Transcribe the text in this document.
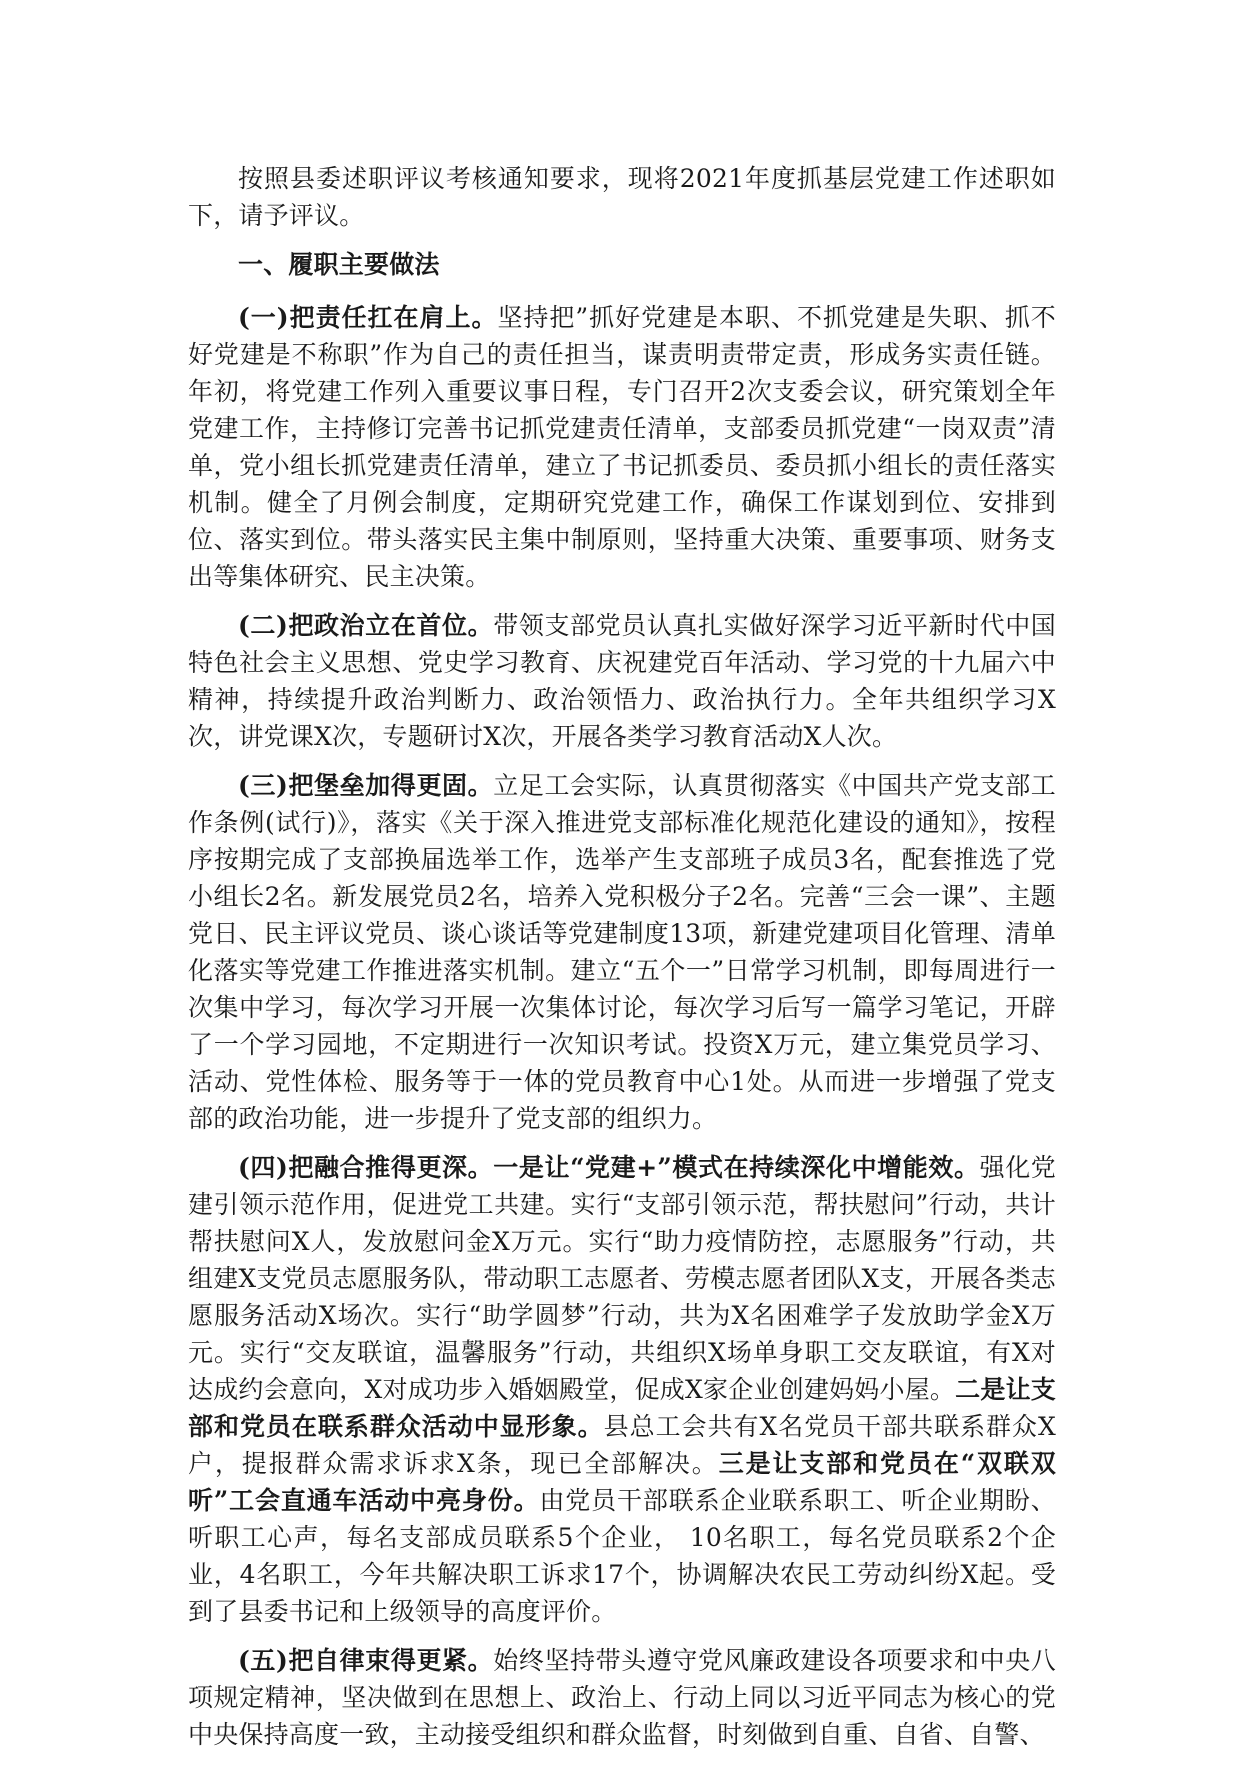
按照县委述职评议考核通知要求，现将2021年度抓基层党建工作述职如下，请予评议。

一、履职主要做法

(一)把责任扛在肩上。坚持把”抓好党建是本职、不抓党建是失职、抓不好党建是不称职”作为自己的责任担当，谋责明责带定责，形成务实责任链。年初，将党建工作列入重要议事日程，专门召开2次支委会议，研究策划全年党建工作，主持修订完善书记抓党建责任清单，支部委员抓党建“一岗双责”清单，党小组长抓党建责任清单，建立了书记抓委员、委员抓小组长的责任落实机制。健全了月例会制度，定期研究党建工作，确保工作谋划到位、安排到位、落实到位。带头落实民主集中制原则，坚持重大决策、重要事项、财务支出等集体研究、民主决策。

(二)把政治立在首位。带领支部党员认真扎实做好深学习近平新时代中国特色社会主义思想、党史学习教育、庆祝建党百年活动、学习党的十九届六中精神，持续提升政治判断力、政治领悟力、政治执行力。全年共组织学习X次，讲党课X次，专题研讨X次，开展各类学习教育活动X人次。

(三)把堡垒加得更固。立足工会实际，认真贯彻落实《中国共产党支部工作条例(试行)》，落实《关于深入推进党支部标准化规范化建设的通知》，按程序按期完成了支部换届选举工作，选举产生支部班子成员3名，配套推选了党小组长2名。新发展党员2名，培养入党积极分子2名。完善“三会一课”、主题党日、民主评议党员、谈心谈话等党建制度13项，新建党建项目化管理、清单化落实等党建工作推进落实机制。建立“五个一”日常学习机制，即每周进行一次集中学习，每次学习开展一次集体讨论，每次学习后写一篇学习笔记，开辟了一个学习园地，不定期进行一次知识考试。投资X万元，建立集党员学习、活动、党性体检、服务等于一体的党员教育中心1处。从而进一步增强了党支部的政治功能，进一步提升了党支部的组织力。

(四)把融合推得更深。一是让“党建+”模式在持续深化中增能效。强化党建引领示范作用，促进党工共建。实行“支部引领示范，帮扶慰问”行动，共计帮扶慰问X人，发放慰问金X万元。实行“助力疫情防控，志愿服务”行动，共组建X支党员志愿服务队，带动职工志愿者、劳模志愿者团队X支，开展各类志愿服务活动X场次。实行“助学圆梦”行动，共为X名困难学子发放助学金X万元。实行“交友联谊，温馨服务”行动，共组织X场单身职工交友联谊，有X对达成约会意向，X对成功步入婚姻殿堂，促成X家企业创建妈妈小屋。二是让支部和党员在联系群众活动中显形象。县总工会共有X名党员干部共联系群众X户，提报群众需求诉求X条，现已全部解决。三是让支部和党员在“双联双听”工会直通车活动中亮身份。由党员干部联系企业联系职工、听企业期盼、听职工心声，每名支部成员联系5个企业， 10名职工，每名党员联系2个企业，4名职工，今年共解决职工诉求17个，协调解决农民工劳动纠纷X起。受到了县委书记和上级领导的高度评价。

(五)把自律束得更紧。始终坚持带头遵守党风廉政建设各项要求和中央八项规定精神，坚决做到在思想上、政治上、行动上同以习近平同志为核心的党中央保持高度一致，主动接受组织和群众监督，时刻做到自重、自省、自警、
